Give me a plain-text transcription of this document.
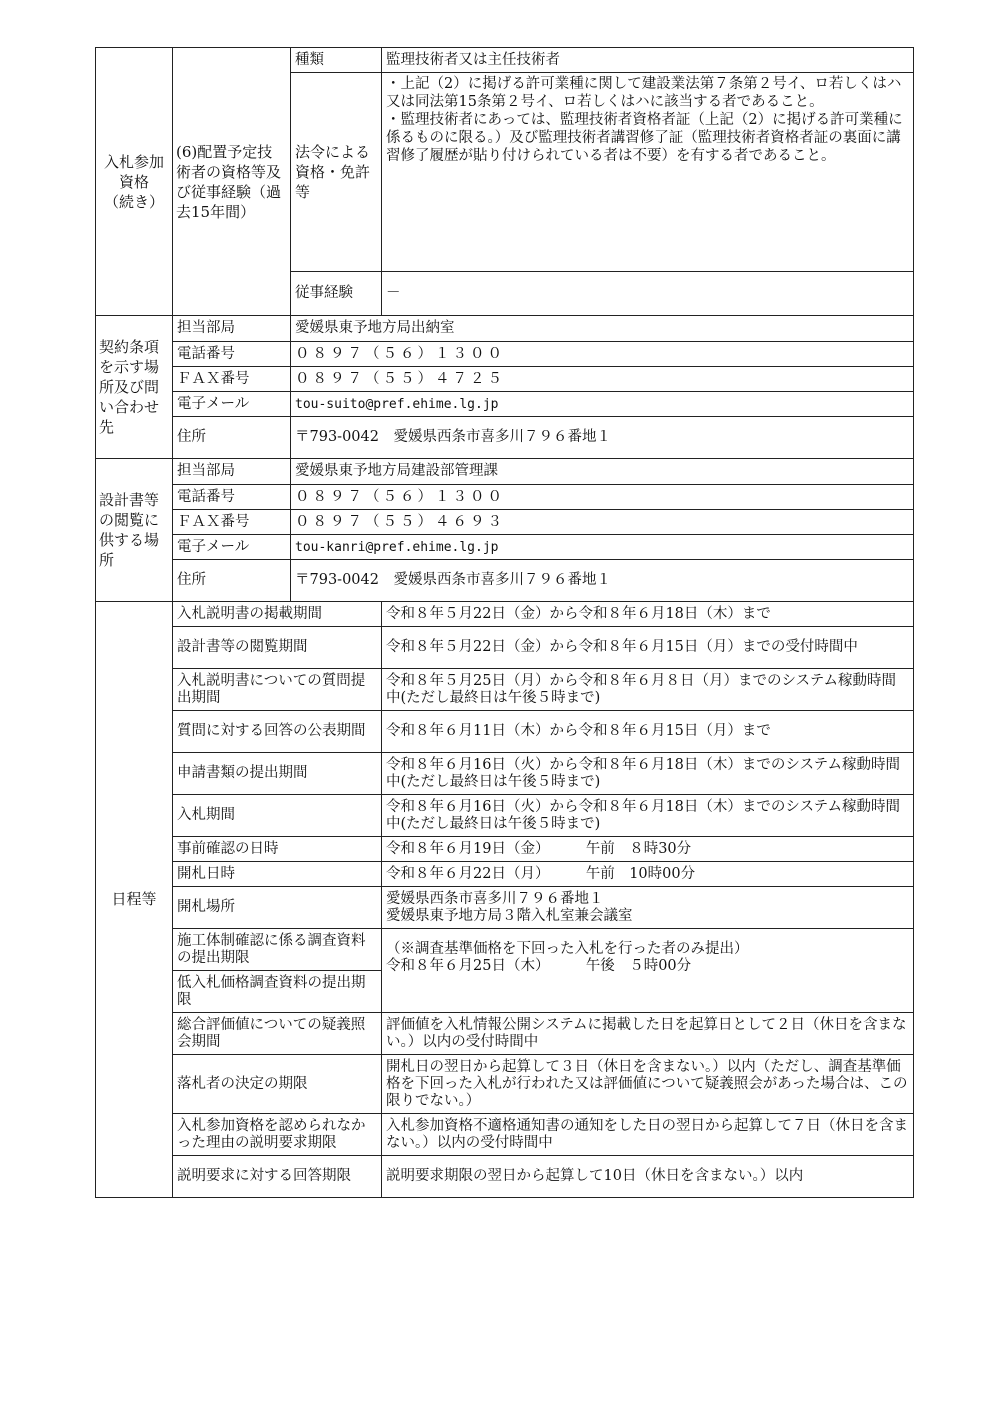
入札参加
資格
（続き）	(6)配置予定技術者の資格等及び従事経験（過去15年間）	種類	監理技術者又は主任技術者
		法令による資格・免許等	・上記（2）に掲げる許可業種に関して建設業法第７条第２号イ、ロ若しくはハ又は同法第15条第２号イ、ロ若しくはハに該当する者であること。
・監理技術者にあっては、監理技術者資格者証（上記（2）に掲げる許可業種に係るものに限る。）及び監理技術者講習修了証（監理技術者資格者証の裏面に講習修了履歴が貼り付けられている者は不要）を有する者であること。

		従事経験	－
契約条項を示す場所及び問い合わせ先	担当部局	愛媛県東予地方局出納室	
	電話番号	０８９７（５６）１３００	
	ＦＡＸ番号	０８９７（５５）４７２５	
	電子メール	tou-suito@pref.ehime.lg.jp	
	住所	〒793-0042　愛媛県西条市喜多川７９６番地１	
設計書等の閲覧に供する場所	担当部局	愛媛県東予地方局建設部管理課	
	電話番号	０８９７（５６）１３００	
	ＦＡＸ番号	０８９７（５５）４６９３	
	電子メール	tou-kanri@pref.ehime.lg.jp	
	住所	〒793-0042　愛媛県西条市喜多川７９６番地１	
日程等	入札説明書の掲載期間		令和８年５月22日（金）から令和８年６月18日（木）まで
	設計書等の閲覧期間		令和８年５月22日（金）から令和８年６月15日（月）までの受付時間中
	入札説明書についての質問提出期間		令和８年５月25日（月）から令和８年６月８日（月）までのシステム稼動時間中(ただし最終日は午後５時まで)
	質問に対する回答の公表期間		令和８年６月11日（木）から令和８年６月15日（月）まで
	申請書類の提出期間		令和８年６月16日（火）から令和８年６月18日（木）までのシステム稼動時間中(ただし最終日は午後５時まで)
	入札期間		令和８年６月16日（火）から令和８年６月18日（木）までのシステム稼動時間中(ただし最終日は午後５時まで)
	事前確認の日時		令和８年６月19日（金）　　　午前　８時30分
	開札日時		令和８年６月22日（月）　　　午前　10時00分
	開札場所		愛媛県西条市喜多川７９６番地１
愛媛県東予地方局３階入札室兼会議室
	施工体制確認に係る調査資料の提出期限		（※調査基準価格を下回った入札を行った者のみ提出）
令和８年６月25日（木）　　　午後　５時00分
	低入札価格調査資料の提出期限		
	総合評価値についての疑義照会期間		評価値を入札情報公開システムに掲載した日を起算日として２日（休日を含まない。）以内の受付時間中
	落札者の決定の期限		開札日の翌日から起算して３日（休日を含まない。）以内（ただし、調査基準価格を下回った入札が行われた又は評価値について疑義照会があった場合は、この限りでない。）
	入札参加資格を認められなかった理由の説明要求期限		入札参加資格不適格通知書の通知をした日の翌日から起算して７日（休日を含まない。）以内の受付時間中
	説明要求に対する回答期限		説明要求期限の翌日から起算して10日（休日を含まない。）以内
